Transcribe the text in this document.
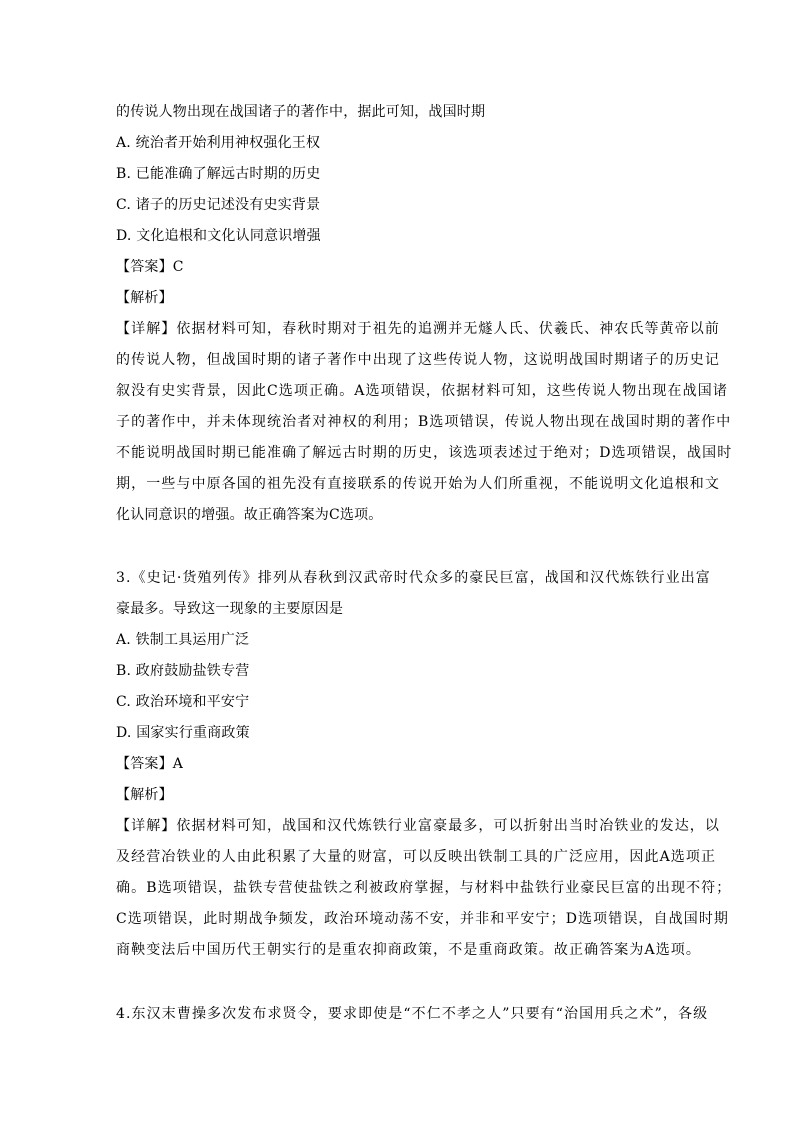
的传说人物出现在战国诸子的著作中，据此可知，战国时期
A. 统治者开始利用神权强化王权
B. 已能准确了解远古时期的历史
C. 诸子的历史记述没有史实背景
D. 文化追根和文化认同意识增强
【答案】C
【解析】
【详解】依据材料可知，春秋时期对于祖先的追溯并无燧人氏、伏羲氏、神农氏等黄帝以前
的传说人物，但战国时期的诸子著作中出现了这些传说人物，这说明战国时期诸子的历史记
叙没有史实背景，因此C选项正确。A选项错误，依据材料可知，这些传说人物出现在战国诸
子的著作中，并未体现统治者对神权的利用；B选项错误，传说人物出现在战国时期的著作中
不能说明战国时期已能准确了解远古时期的历史，该选项表述过于绝对；D选项错误，战国时
期，一些与中原各国的祖先没有直接联系的传说开始为人们所重视，不能说明文化追根和文
化认同意识的增强。故正确答案为C选项。
3.《史记·货殖列传》排列从春秋到汉武帝时代众多的豪民巨富，战国和汉代炼铁行业出富
豪最多。导致这一现象的主要原因是
A. 铁制工具运用广泛
B. 政府鼓励盐铁专营
C. 政治环境和平安宁
D. 国家实行重商政策
【答案】A
【解析】
【详解】依据材料可知，战国和汉代炼铁行业富豪最多，可以折射出当时冶铁业的发达，以
及经营冶铁业的人由此积累了大量的财富，可以反映出铁制工具的广泛应用，因此A选项正
确。B选项错误，盐铁专营使盐铁之利被政府掌握，与材料中盐铁行业豪民巨富的出现不符；
C选项错误，此时期战争频发，政治环境动荡不安，并非和平安宁；D选项错误，自战国时期
商鞅变法后中国历代王朝实行的是重农抑商政策，不是重商政策。故正确答案为A选项。
4.东汉末曹操多次发布求贤令，要求即使是“不仁不孝之人”只要有“治国用兵之术”，各级
